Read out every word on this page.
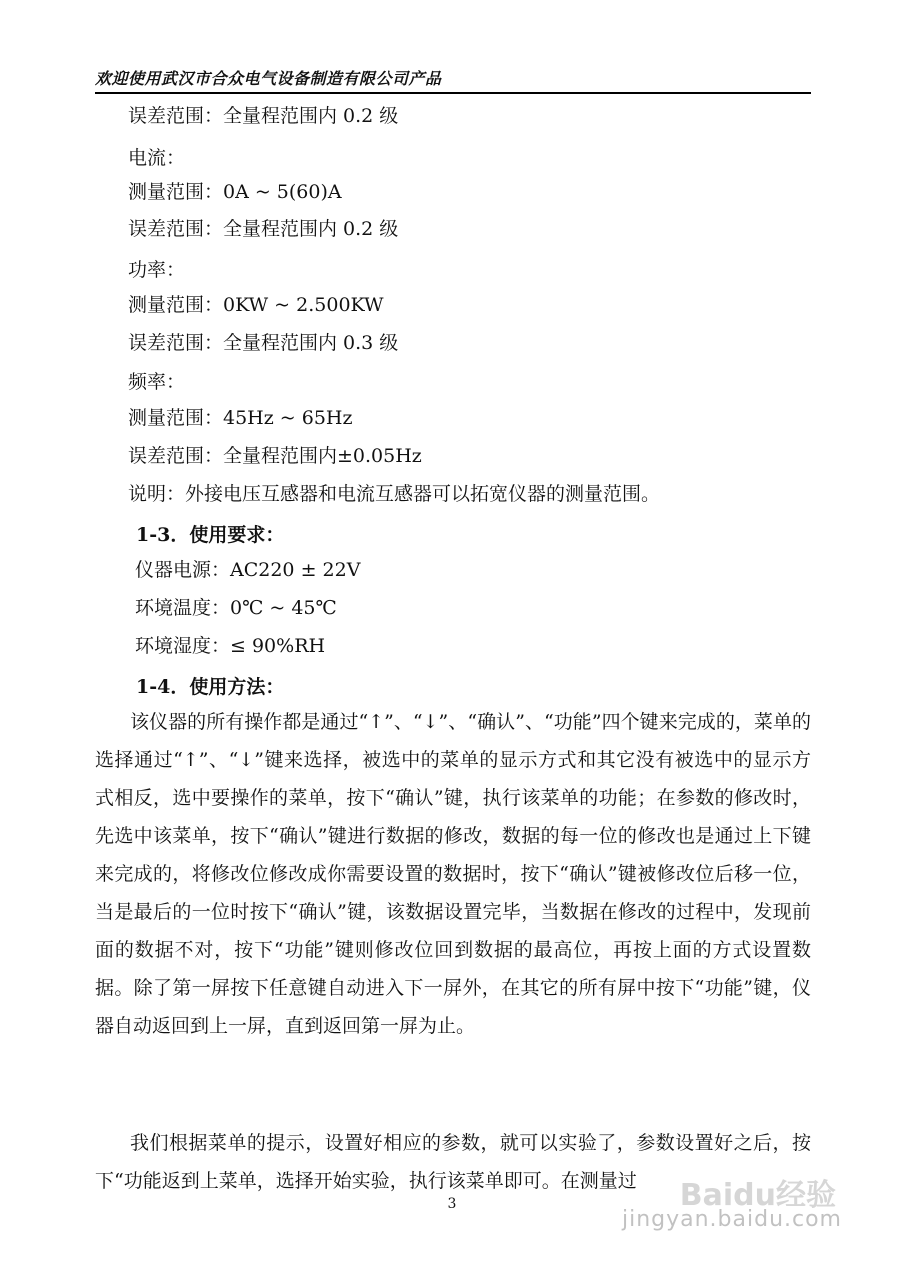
欢迎使用武汉市合众电气设备制造有限公司产品
误差范围：全量程范围内 0.2 级
电流：
测量范围：0A ~ 5(60)A
误差范围：全量程范围内 0.2 级
功率：
测量范围：0KW ~ 2.500KW
误差范围：全量程范围内 0.3 级
频率：
测量范围：45Hz ~ 65Hz
误差范围：全量程范围内±0.05Hz
说明：外接电压互感器和电流互感器可以拓宽仪器的测量范围。
1-3．使用要求：
仪器电源：AC220 ± 22V
环境温度：0℃ ~ 45℃
环境湿度：≤ 90%RH
1-4．使用方法：
该仪器的所有操作都是通过“↑”、“↓”、“确认”、“功能”四个键来完成的，菜单的选择通过“↑”、“↓”键来选择，被选中的菜单的显示方式和其它没有被选中的显示方式相反，选中要操作的菜单，按下“确认”键，执行该菜单的功能；在参数的修改时，先选中该菜单，按下“确认”键进行数据的修改，数据的每一位的修改也是通过上下键来完成的，将修改位修改成你需要设置的数据时，按下“确认”键被修改位后移一位，当是最后的一位时按下“确认”键，该数据设置完毕，当数据在修改的过程中，发现前面的数据不对，按下“功能”键则修改位回到数据的最高位，再按上面的方式设置数据。除了第一屏按下任意键自动进入下一屏外，在其它的所有屏中按下“功能”键，仪器自动返回到上一屏，直到返回第一屏为止。
我们根据菜单的提示，设置好相应的参数，就可以实验了，参数设置好之后，按下“功能返到上菜单，选择开始实验，执行该菜单即可。在测量过
3	Baidu经验
jingyan.baidu.com
